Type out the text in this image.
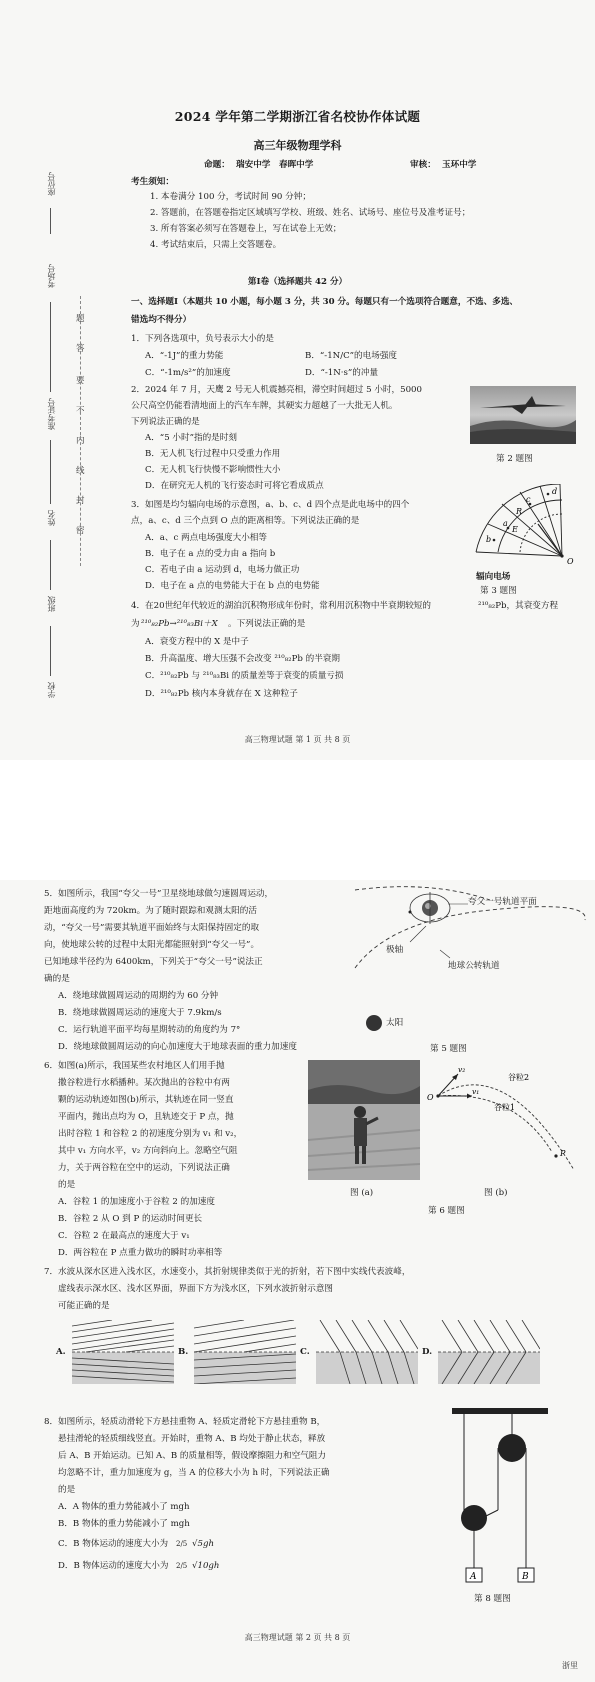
座位号
考场号
准考证号
姓名
班级
学校
题
答
要
不
内
线
封
密
2024 学年第二学期浙江省名校协作体试题
高三年级物理学科
命题： 瑞安中学　春晖中学	审核： 玉环中学
考生须知：
1. 本卷满分 100 分，考试时间 90 分钟；
2. 答题前，在答题卷指定区域填写学校、班级、姓名、试场号、座位号及准考证号；
3. 所有答案必须写在答题卷上，写在试卷上无效；
4. 考试结束后，只需上交答题卷。
第Ⅰ卷（选择题共 42 分）
一、选择题Ⅰ（本题共 10 小题，每小题 3 分，共 30 分。每题只有一个选项符合题意，不选、多选、
错选均不得分）
1．下列各选项中，负号表示大小的是
A．“-1J”的重力势能	B．“-1N/C”的电场强度
C．“-1m/s²”的加速度	D．“-1N·s”的冲量
2．2024 年 7 月，天鹰 2 号无人机震撼亮相，滞空时间超过 5 小时，5000
公尺高空仍能看清地面上的汽车车牌，其硬实力超越了一大批无人机。
下列说法正确的是
A．“5 小时”指的是时刻
B．无人机飞行过程中只受重力作用
C．无人机飞行快慢不影响惯性大小
D．在研究无人机的飞行姿态时可将它看成质点
第 2 题图
3．如图是均匀辐向电场的示意图，a、b、c、d 四个点是此电场中的四个
点，a、c、d 三个点到 O 点的距离相等。下列说法正确的是
A．a、c 两点电场强度大小相等
B．电子在 a 点的受力由 a 指向 b
C．若电子由 a 运动到 d，电场力做正功
D．电子在 a 点的电势能大于在 b 点的电势能
O
a
b
c
d
R
E
辐向电场
第 3 题图
4．在20世纪年代较近的湖泊沉积物形成年份时，常利用沉积物中半衰期较短的	²¹⁰₈₂Pb，其衰变方程
为 ²¹⁰₈₂Pb→²¹⁰₈₃Bi＋X 。下列说法正确的是
A．衰变方程中的 X 是中子
B．升高温度、增大压强不会改变 ²¹⁰₈₂Pb 的半衰期
C．²¹⁰₈₂Pb 与 ²¹⁰₈₃Bi 的质量差等于衰变的质量亏损
D．²¹⁰₈₂Pb 核内本身就存在 X 这种粒子
高三物理试题 第 1 页 共 8 页
5．如图所示，我国“夸父一号”卫星绕地球做匀速圆周运动，
距地面高度约为 720km。为了随时跟踪和观测太阳的活
动，“夸父一号”需要其轨道平面始终与太阳保持固定的取
向，使地球公转的过程中太阳光都能照射到“夸父一号”。
已知地球半径约为 6400km，下列关于“夸父一号”说法正
确的是
A．绕地球做圆周运动的周期约为 60 分钟
B．绕地球做圆周运动的速度大于 7.9km/s
C．运行轨道平面平均每星期转动的角度约为 7°
D．绕地球做圆周运动的向心加速度大于地球表面的重力加速度
夸父一号轨道平面
极轴
地球公转轨道
太阳
第 5 题图
6．如图(a)所示，我国某些农村地区人们用手抛
撒谷粒进行水稻播种。某次抛出的谷粒中有两
颗的运动轨迹如图(b)所示，其轨迹在同一竖直
平面内，抛出点均为 O，且轨迹交于 P 点，抛
出时谷粒 1 和谷粒 2 的初速度分别为 v₁ 和 v₂，
其中 v₁ 方向水平，v₂ 方向斜向上。忽略空气阻
力，关于两谷粒在空中的运动，下列说法正确
的是
A．谷粒 1 的加速度小于谷粒 2 的加速度
B．谷粒 2 从 O 到 P 的运动时间更长
C．谷粒 2 在最高点的速度大于 v₁
D．两谷粒在 P 点重力做功的瞬时功率相等
图 (a)
O
P
v₁
v₂
谷粒2
谷粒1
图 (b)
第 6 题图
7．水波从深水区进入浅水区，水速变小，其折射规律类似于光的折射，若下图中实线代表波峰，
虚线表示深水区、浅水区界面，界面下方为浅水区，下列水波折射示意图
可能正确的是
A.	B.	C.	D.
8．如图所示，轻质动滑轮下方悬挂重物 A、轻质定滑轮下方悬挂重物 B，
悬挂滑轮的轻质细线竖直。开始时，重物 A、B 均处于静止状态，释放
后 A、B 开始运动。已知 A、B 的质量相等，假设摩擦阻力和空气阻力
均忽略不计，重力加速度为 g，当 A 的位移大小为 h 时，下列说法正确
的是
A．A 物体的重力势能减小了 mgh
B．B 物体的重力势能减小了 mgh
C．B 物体运动的速度大小为 2/5 √5gh
D．B 物体运动的速度大小为 2/5 √10gh
A	B
第 8 题图
高三物理试题 第 2 页 共 8 页
浙里
